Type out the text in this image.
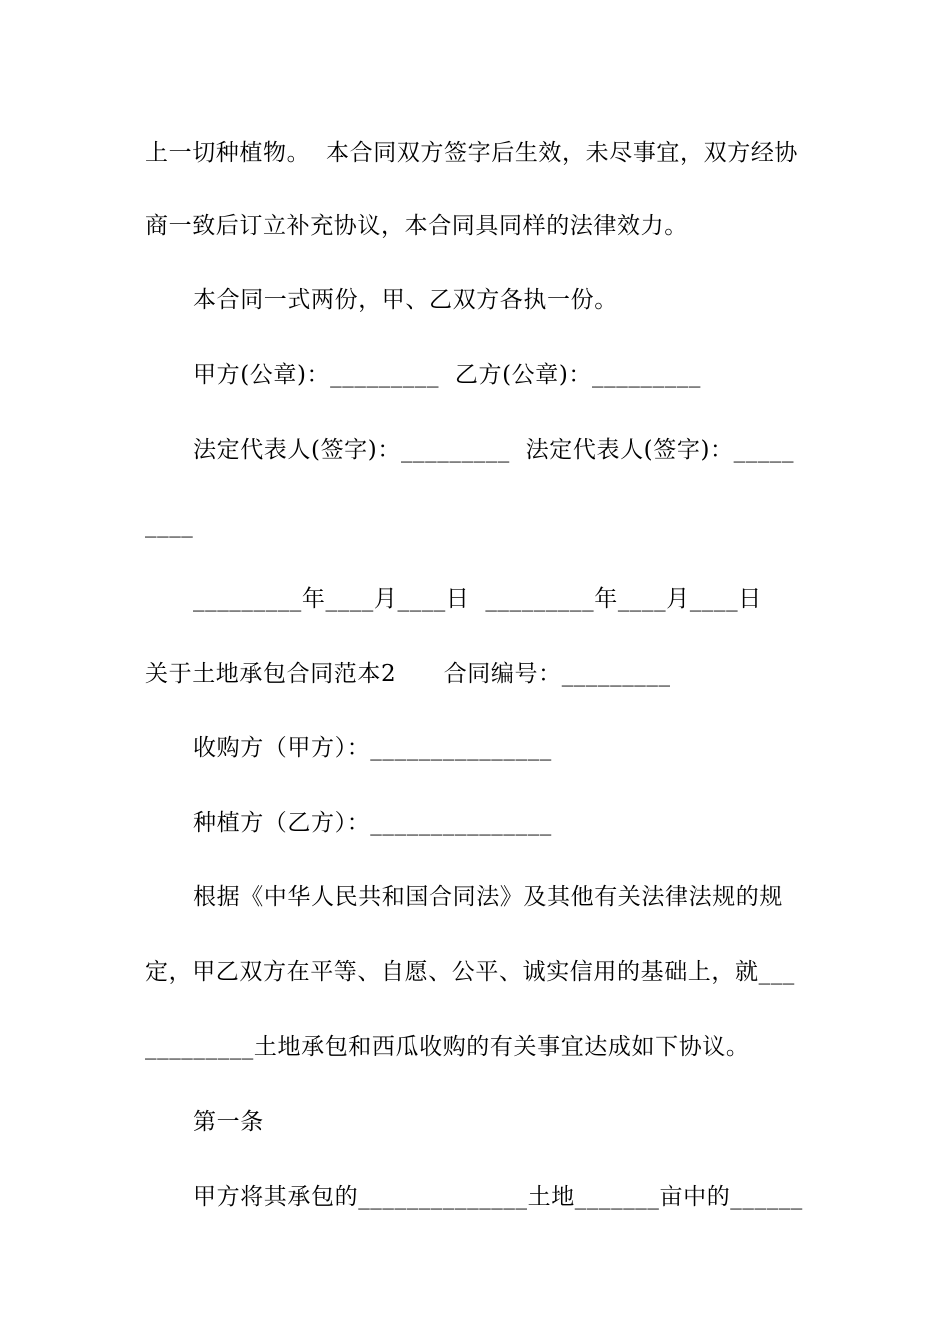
上一切种植物。  本合同双方签字后生效，未尽事宜，双方经协
商一致后订立补充协议，本合同具同样的法律效力。
本合同一式两份，甲、乙双方各执一份。
甲方(公章)：_________  乙方(公章)：_________
法定代表人(签字)：_________  法定代表人(签字)：_____
____
_________年____月____日  _________年____月____日
关于土地承包合同范本2      合同编号：_________
收购方（甲方）：_______________
种植方（乙方）：_______________
根据《中华人民共和国合同法》及其他有关法律法规的规
定，甲乙双方在平等、自愿、公平、诚实信用的基础上，就___
_________土地承包和西瓜收购的有关事宜达成如下协议。
第一条
甲方将其承包的______________土地_______亩中的______
